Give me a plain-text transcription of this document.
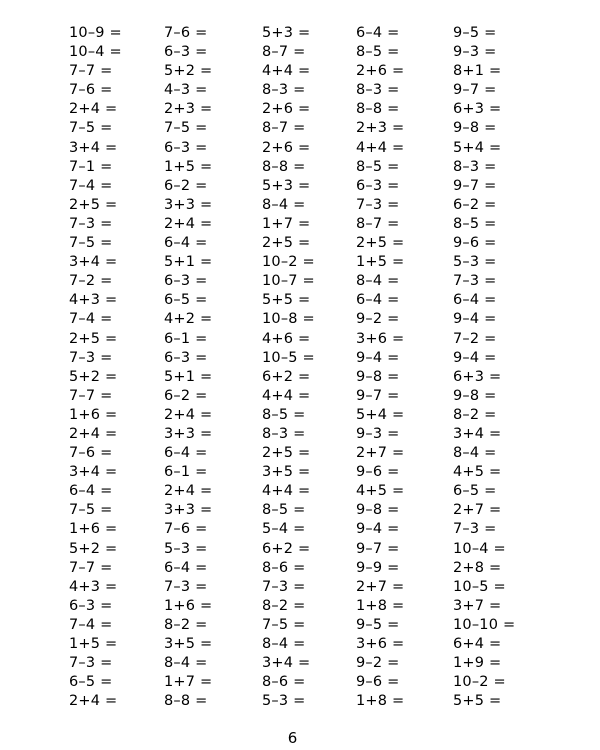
10–9 =	7–6 =	5+3 =	6–4 =	9–5 =
10–4 =	6–3 =	8–7 =	8–5 =	9–3 =
7–7 =	5+2 =	4+4 =	2+6 =	8+1 =
7–6 =	4–3 =	8–3 =	8–3 =	9–7 =
2+4 =	2+3 =	2+6 =	8–8 =	6+3 =
7–5 =	7–5 =	8–7 =	2+3 =	9–8 =
3+4 =	6–3 =	2+6 =	4+4 =	5+4 =
7–1 =	1+5 =	8–8 =	8–5 =	8–3 =
7–4 =	6–2 =	5+3 =	6–3 =	9–7 =
2+5 =	3+3 =	8–4 =	7–3 =	6–2 =
7–3 =	2+4 =	1+7 =	8–7 =	8–5 =
7–5 =	6–4 =	2+5 =	2+5 =	9–6 =
3+4 =	5+1 =	10–2 =	1+5 =	5–3 =
7–2 =	6–3 =	10–7 =	8–4 =	7–3 =
4+3 =	6–5 =	5+5 =	6–4 =	6–4 =
7–4 =	4+2 =	10–8 =	9–2 =	9–4 =
2+5 =	6–1 =	4+6 =	3+6 =	7–2 =
7–3 =	6–3 =	10–5 =	9–4 =	9–4 =
5+2 =	5+1 =	6+2 =	9–8 =	6+3 =
7–7 =	6–2 =	4+4 =	9–7 =	9–8 =
1+6 =	2+4 =	8–5 =	5+4 =	8–2 =
2+4 =	3+3 =	8–3 =	9–3 =	3+4 =
7–6 =	6–4 =	2+5 =	2+7 =	8–4 =
3+4 =	6–1 =	3+5 =	9–6 =	4+5 =
6–4 =	2+4 =	4+4 =	4+5 =	6–5 =
7–5 =	3+3 =	8–5 =	9–8 =	2+7 =
1+6 =	7–6 =	5–4 =	9–4 =	7–3 =
5+2 =	5–3 =	6+2 =	9–7 =	10–4 =
7–7 =	6–4 =	8–6 =	9–9 =	2+8 =
4+3 =	7–3 =	7–3 =	2+7 =	10–5 =
6–3 =	1+6 =	8–2 =	1+8 =	3+7 =
7–4 =	8–2 =	7–5 =	9–5 =	10–10 =
1+5 =	3+5 =	8–4 =	3+6 =	6+4 =
7–3 =	8–4 =	3+4 =	9–2 =	1+9 =
6–5 =	1+7 =	8–6 =	9–6 =	10–2 =
2+4 =	8–8 =	5–3 =	1+8 =	5+5 =
6
